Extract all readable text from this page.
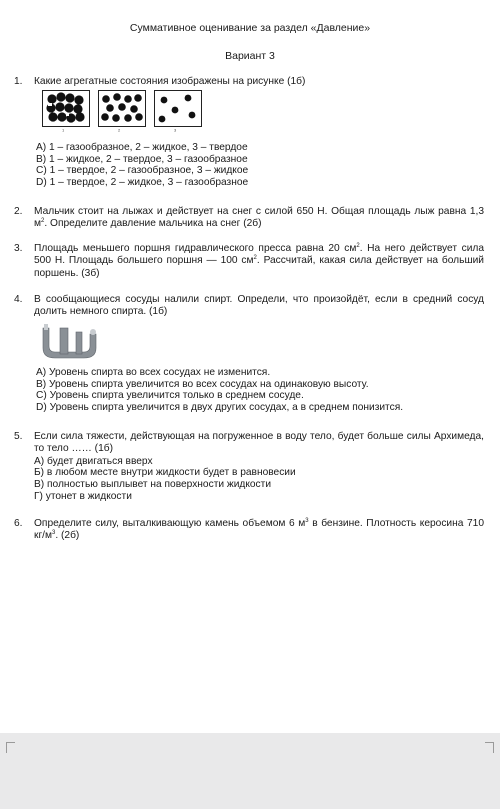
Суммативное оценивание за раздел «Давление»
Вариант 3
1.	Какие агрегатные состояния изображены на рисунке (1б)
1	2	3
A) 1 – газообразное, 2 – жидкое, 3 – твердое
B) 1 – жидкое, 2 – твердое, 3 – газообразное
C) 1 – твердое, 2 – газообразное, 3 – жидкое
D) 1 – твердое, 2 – жидкое, 3 – газообразное
2.	Мальчик стоит на лыжах и действует на снег с силой 650 Н. Общая площадь лыж равна 1,3 $м^2$. Определите давление мальчика на снег (2б)
3.	Площадь меньшего поршня гидравлического пресса равна 20 $см^2$. На него действует сила 500 Н. Площадь большего поршня — 100 $см^2$. Рассчитай, какая сила действует на больший поршень. (3б)
4.	В сообщающиеся сосуды налили спирт. Определи, что произойдёт, если в средний сосуд долить немного спирта. (1б)
A) Уровень спирта во всех сосудах не изменится.
B) Уровень спирта увеличится во всех сосудах на одинаковую высоту.
C) Уровень спирта увеличится только в среднем сосуде.
D) Уровень спирта увеличится в двух других сосудах, а в среднем понизится.
5.	Если сила тяжести, действующая на погруженное в воду тело, будет больше силы Архимеда, то тело …… (1б)
А) будет двигаться вверх
Б) в любом месте внутри жидкости будет в равновесии
В) полностью выплывет на поверхности жидкости
Г) утонет в жидкости
6.	Определите силу, выталкивающую камень объемом 6 $м^3$ в бензине. Плотность керосина 710 $кг/м^3$. (2б)
